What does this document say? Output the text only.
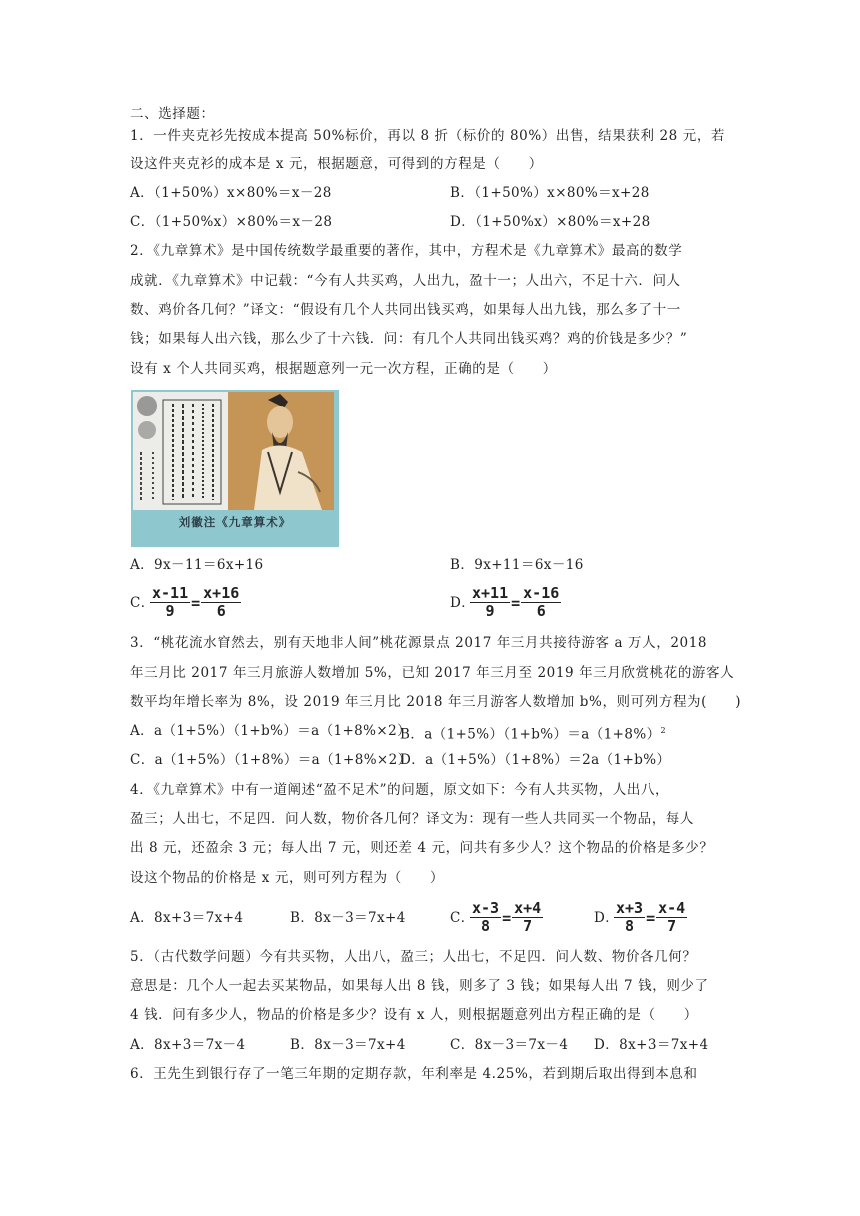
二、选择题：
1．一件夹克衫先按成本提高 50%标价，再以 8 折（标价的 80%）出售，结果获利 28 元，若
设这件夹克衫的成本是 x 元，根据题意，可得到的方程是（　　）
A．（1+50%）x×80%＝x－28	B．（1+50%）x×80%＝x+28
C．（1+50%x）×80%＝x－28	D．（1+50%x）×80%＝x+28
2．《九章算术》是中国传统数学最重要的著作，其中，方程术是《九章算术》最高的数学
成就．《九章算术》中记载：“今有人共买鸡，人出九，盈十一；人出六，不足十六．问人
数、鸡价各几何？”译文：“假设有几个人共同出钱买鸡，如果每人出九钱，那么多了十一
钱；如果每人出六钱，那么少了十六钱．问：有几个人共同出钱买鸡？鸡的价钱是多少？”
设有 x 个人共同买鸡，根据题意列一元一次方程，正确的是（　　）
刘徽注《九章算术》
A．9x－11＝6x+16	B．9x+11＝6x－16
C．
$\frac{x-11}{9} = \frac{x+16}{6}$	D．
$\frac{x+11}{9} = \frac{x-16}{6}$
3．“桃花流水窅然去，别有天地非人间”桃花源景点 2017 年三月共接待游客 a 万人，2018
年三月比 2017 年三月旅游人数增加 5%，已知 2017 年三月至 2019 年三月欣赏桃花的游客人
数平均年增长率为 8%，设 2019 年三月比 2018 年三月游客人数增加 b%，则可列方程为(　　)
A．a（1+5%）（1+b%）＝a（1+8%×2）
B．$a(1+5\%)(1+b\%)=a(1+8\%)^2$
C．a（1+5%）（1+8%）＝a（1+8%×2）
D．a（1+5%）（1+8%）＝2a（1+b%）
4．《九章算术》中有一道阐述“盈不足术”的问题，原文如下：今有人共买物，人出八，
盈三；人出七，不足四．问人数，物价各几何？译文为：现有一些人共同买一个物品，每人
出 8 元，还盈余 3 元；每人出 7 元，则还差 4 元，问共有多少人？这个物品的价格是多少？
设这个物品的价格是 x 元，则可列方程为（　　）
A．8x+3＝7x+4	B．8x－3＝7x+4	C．
$\frac{x-3}{8} = \frac{x+4}{7}$	D．
$\frac{x+3}{8} = \frac{x-4}{7}$
5．（古代数学问题）今有共买物，人出八，盈三；人出七，不足四．问人数、物价各几何？
意思是：几个人一起去买某物品，如果每人出 8 钱，则多了 3 钱；如果每人出 7 钱，则少了
4 钱．问有多少人，物品的价格是多少？设有 x 人，则根据题意列出方程正确的是（　　）
A．8x+3＝7x－4	B．8x－3＝7x+4	C．8x－3＝7x－4 D．8x+3＝7x+4
6．王先生到银行存了一笔三年期的定期存款，年利率是 4.25%，若到期后取出得到本息和
